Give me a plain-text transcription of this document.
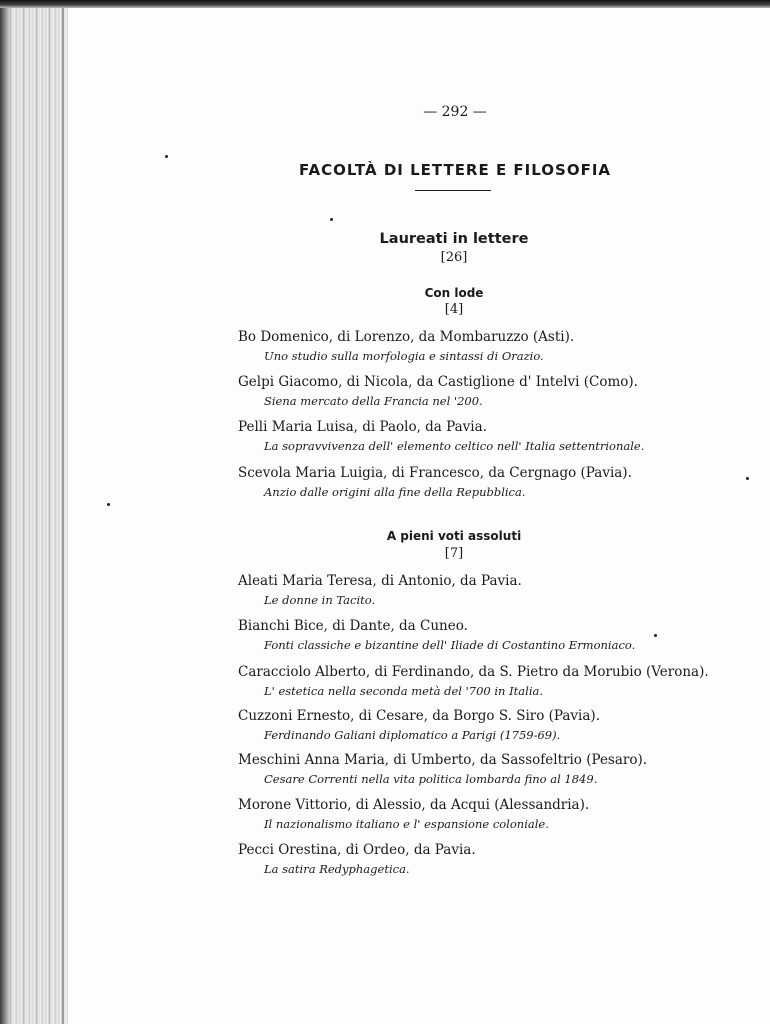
— 292 —
FACOLTÀ DI LETTERE E FILOSOFIA
Laureati in lettere
[26]
Con lode
[4]
Bo Domenico, di Lorenzo, da Mombaruzzo (Asti).
Uno studio sulla morfologia e sintassi di Orazio.
Gelpi Giacomo, di Nicola, da Castiglione d' Intelvi (Como).
Siena mercato della Francia nel '200.
Pelli Maria Luisa, di Paolo, da Pavia.
La sopravvivenza dell' elemento celtico nell' Italia settentrionale.
Scevola Maria Luigia, di Francesco, da Cergnago (Pavia).
Anzio dalle origini alla fine della Repubblica.
A pieni voti assoluti
[7]
Aleati Maria Teresa, di Antonio, da Pavia.
Le donne in Tacito.
Bianchi Bice, di Dante, da Cuneo.
Fonti classiche e bizantine dell' Iliade di Costantino Ermoniaco.
Caracciolo Alberto, di Ferdinando, da S. Pietro da Morubio (Verona).
L' estetica nella seconda metà del '700 in Italia.
Cuzzoni Ernesto, di Cesare, da Borgo S. Siro (Pavia).
Ferdinando Galiani diplomatico a Parigi (1759-69).
Meschini Anna Maria, di Umberto, da Sassofeltrio (Pesaro).
Cesare Correnti nella vita politica lombarda fino al 1849.
Morone Vittorio, di Alessio, da Acqui (Alessandria).
Il nazionalismo italiano e l' espansione coloniale.
Pecci Orestina, di Ordeo, da Pavia.
La satira Redyphagetica.
